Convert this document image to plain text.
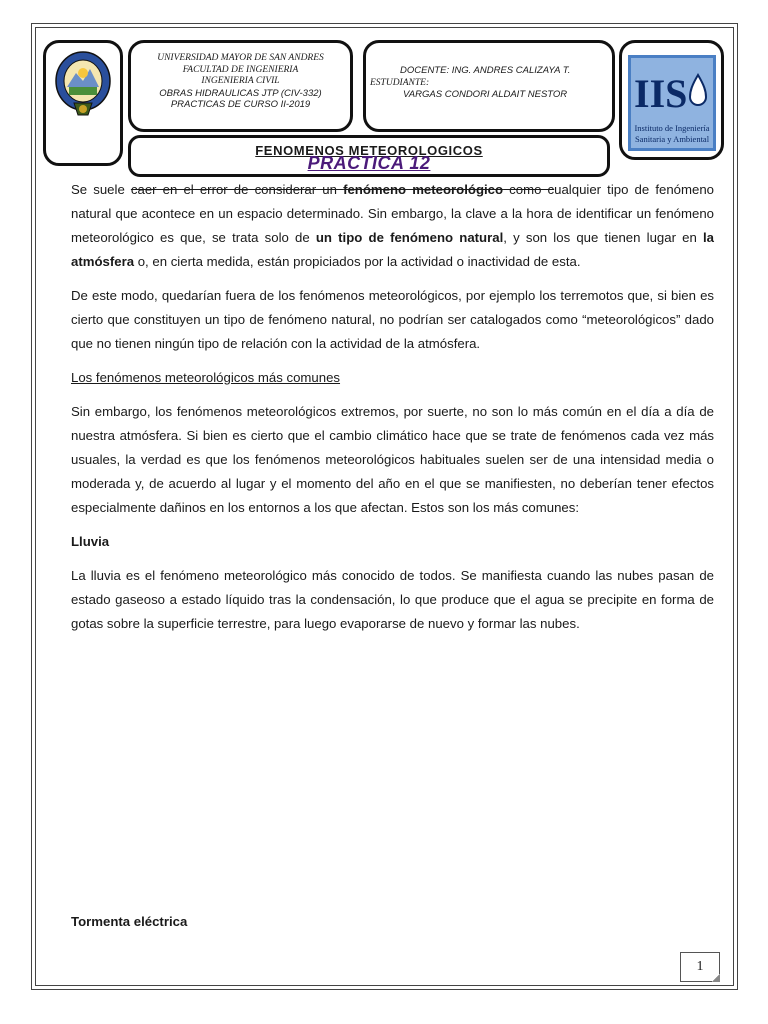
UNIVERSIDAD MAYOR DE SAN ANDRES
FACULTAD DE INGENIERIA
INGENIERIA CIVIL
OBRAS HIDRAULICAS JTP (CIV-332)
PRACTICAS DE CURSO II-2019
DOCENTE: ING. ANDRES CALIZAYA T.
ESTUDIANTE:
VARGAS CONDORI ALDAIT NESTOR	IIS
Instituto de Ingeniería
Sanitaria y Ambiental
FENOMENOS METEOROLOGICOS
PRACTICA 12

Se suele caer en el error de considerar un fenómeno meteorológico como cualquier tipo de fenómeno natural que acontece en un espacio determinado. Sin embargo, la clave a la hora de identificar un fenómeno meteorológico es que, se trata solo de un tipo de fenómeno natural, y son los que tienen lugar en la atmósfera o, en cierta medida, están propiciados por la actividad o inactividad de esta.

De este modo, quedarían fuera de los fenómenos meteorológicos, por ejemplo los terremotos que, si bien es cierto que constituyen un tipo de fenómeno natural, no podrían ser catalogados como “meteorológicos” dado que no tienen ningún tipo de relación con la actividad de la atmósfera.

Los fenómenos meteorológicos más comunes

Sin embargo, los fenómenos meteorológicos extremos, por suerte, no son lo más común en el día a día de nuestra atmósfera. Si bien es cierto que el cambio climático hace que se trate de fenómenos cada vez más usuales, la verdad es que los fenómenos meteorológicos habituales suelen ser de una intensidad media o moderada y, de acuerdo al lugar y el momento del año en el que se manifiesten, no deberían tener efectos especialmente dañinos en los entornos a los que afectan. Estos son los más comunes:

Lluvia

La lluvia es el fenómeno meteorológico más conocido de todos. Se manifiesta cuando las nubes pasan de estado gaseoso a estado líquido tras la condensación, lo que produce que el agua se precipite en forma de gotas sobre la superficie terrestre, para luego evaporarse de nuevo y formar las nubes.

Tormenta eléctrica
1
